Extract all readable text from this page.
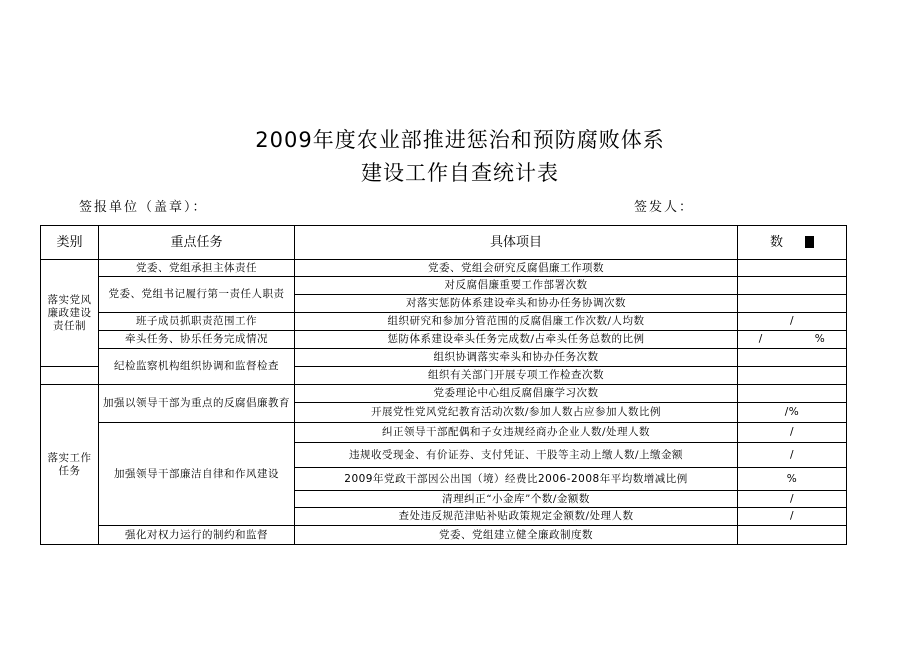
2009年度农业部推进惩治和预防腐败体系
建设工作自查统计表
签报单位（盖章）：	签发人：
类别	重点任务	具体项目	数
落实党风廉政建设责任制	党委、党组承担主体责任	党委、党组会研究反腐倡廉工作项数	
	党委、党组书记履行第一责任人职责	对反腐倡廉重要工作部署次数	
		对落实惩防体系建设牵头和协办任务协调次数	
	班子成员抓职责范围工作	组织研究和参加分管范围的反腐倡廉工作次数/人均数	/
	牵头任务、协乐任务完成情况	惩防体系建设牵头任务完成数/占牵头任务总数的比例	/ %
	纪检监察机构组织协调和监督检查	组织协调落实牵头和协办任务次数	
		组织有关部门开展专项工作检查次数	
落实工作任务	加强以领导干部为重点的反腐倡廉教育	党委理论中心组反腐倡廉学习次数	
		开展党性党风党纪教育活动次数/参加人数占应参加人数比例	/%
	加强领导干部廉洁自律和作风建设	纠正领导干部配偶和子女违规经商办企业人数/处理人数	/
		违规收受现金、有价证券、支付凭证、干股等主动上缴人数/上缴金额	/
		2009年党政干部因公出国（境）经费比2006-2008年平均数增减比例	%
		清理纠正“小金库”个数/金额数	/
		查处违反规范津贴补贴政策规定金额数/处理人数	/
	强化对权力运行的制约和监督	党委、党组建立健全廉政制度数	
